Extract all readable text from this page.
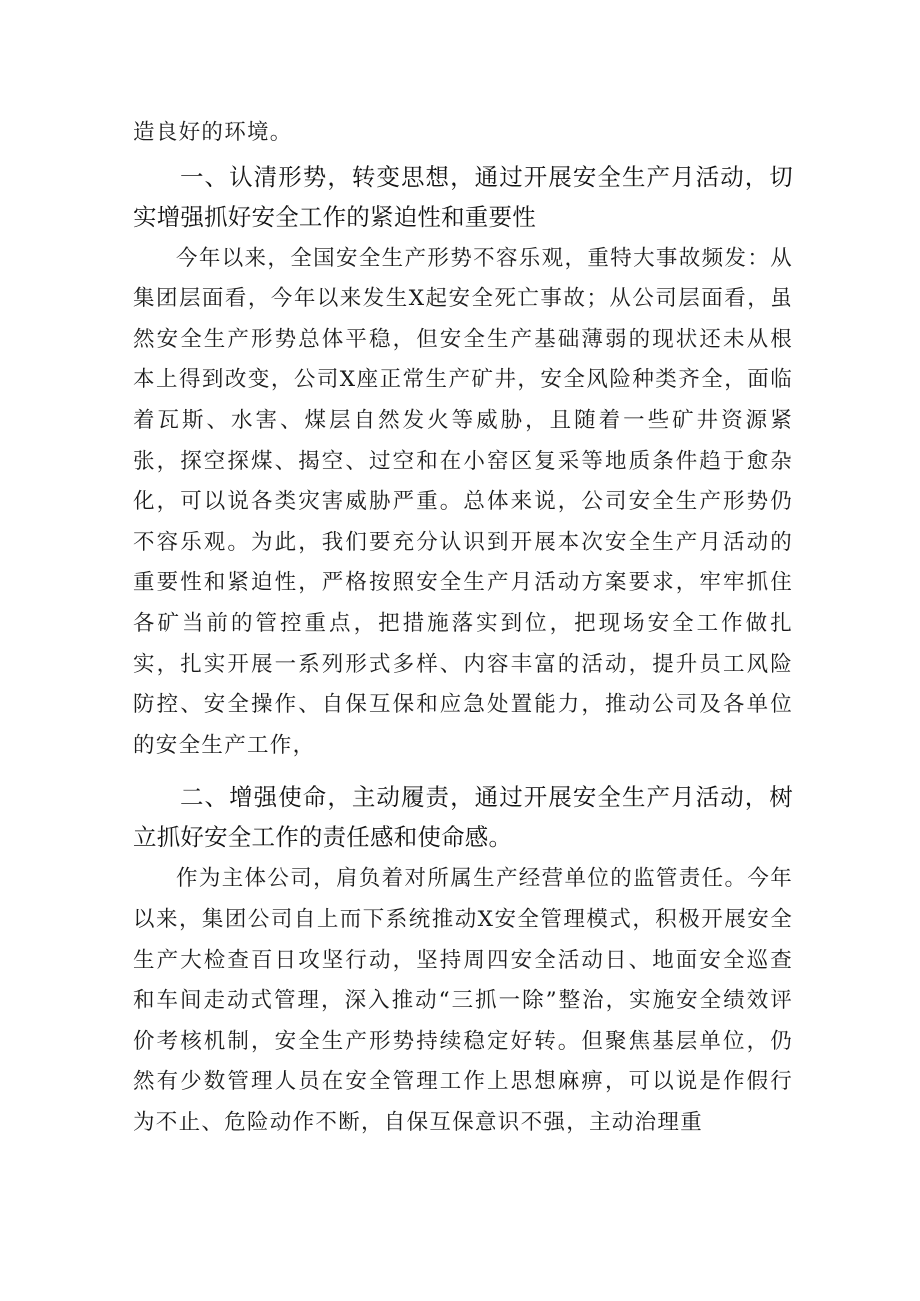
造良好的环境。

一、认清形势，转变思想，通过开展安全生产月活动，切实增强抓好安全工作的紧迫性和重要性

今年以来，全国安全生产形势不容乐观，重特大事故频发：从集团层面看，今年以来发生X起安全死亡事故；从公司层面看，虽然安全生产形势总体平稳，但安全生产基础薄弱的现状还未从根本上得到改变，公司X座正常生产矿井，安全风险种类齐全，面临着瓦斯、水害、煤层自然发火等威胁，且随着一些矿井资源紧张，探空探煤、揭空、过空和在小窑区复采等地质条件趋于愈杂化，可以说各类灾害威胁严重。总体来说，公司安全生产形势仍不容乐观。为此，我们要充分认识到开展本次安全生产月活动的重要性和紧迫性，严格按照安全生产月活动方案要求，牢牢抓住各矿当前的管控重点，把措施落实到位，把现场安全工作做扎实，扎实开展一系列形式多样、内容丰富的活动，提升员工风险防控、安全操作、自保互保和应急处置能力，推动公司及各单位的安全生产工作，

二、增强使命，主动履责，通过开展安全生产月活动，树立抓好安全工作的责任感和使命感。

作为主体公司，肩负着对所属生产经营单位的监管责任。今年以来，集团公司自上而下系统推动X安全管理模式，积极开展安全生产大检查百日攻坚行动，坚持周四安全活动日、地面安全巡查和车间走动式管理，深入推动“三抓一除”整治，实施安全绩效评价考核机制，安全生产形势持续稳定好转。但聚焦基层单位，仍然有少数管理人员在安全管理工作上思想麻痹，可以说是作假行为不止、危险动作不断，自保互保意识不强，主动治理重
